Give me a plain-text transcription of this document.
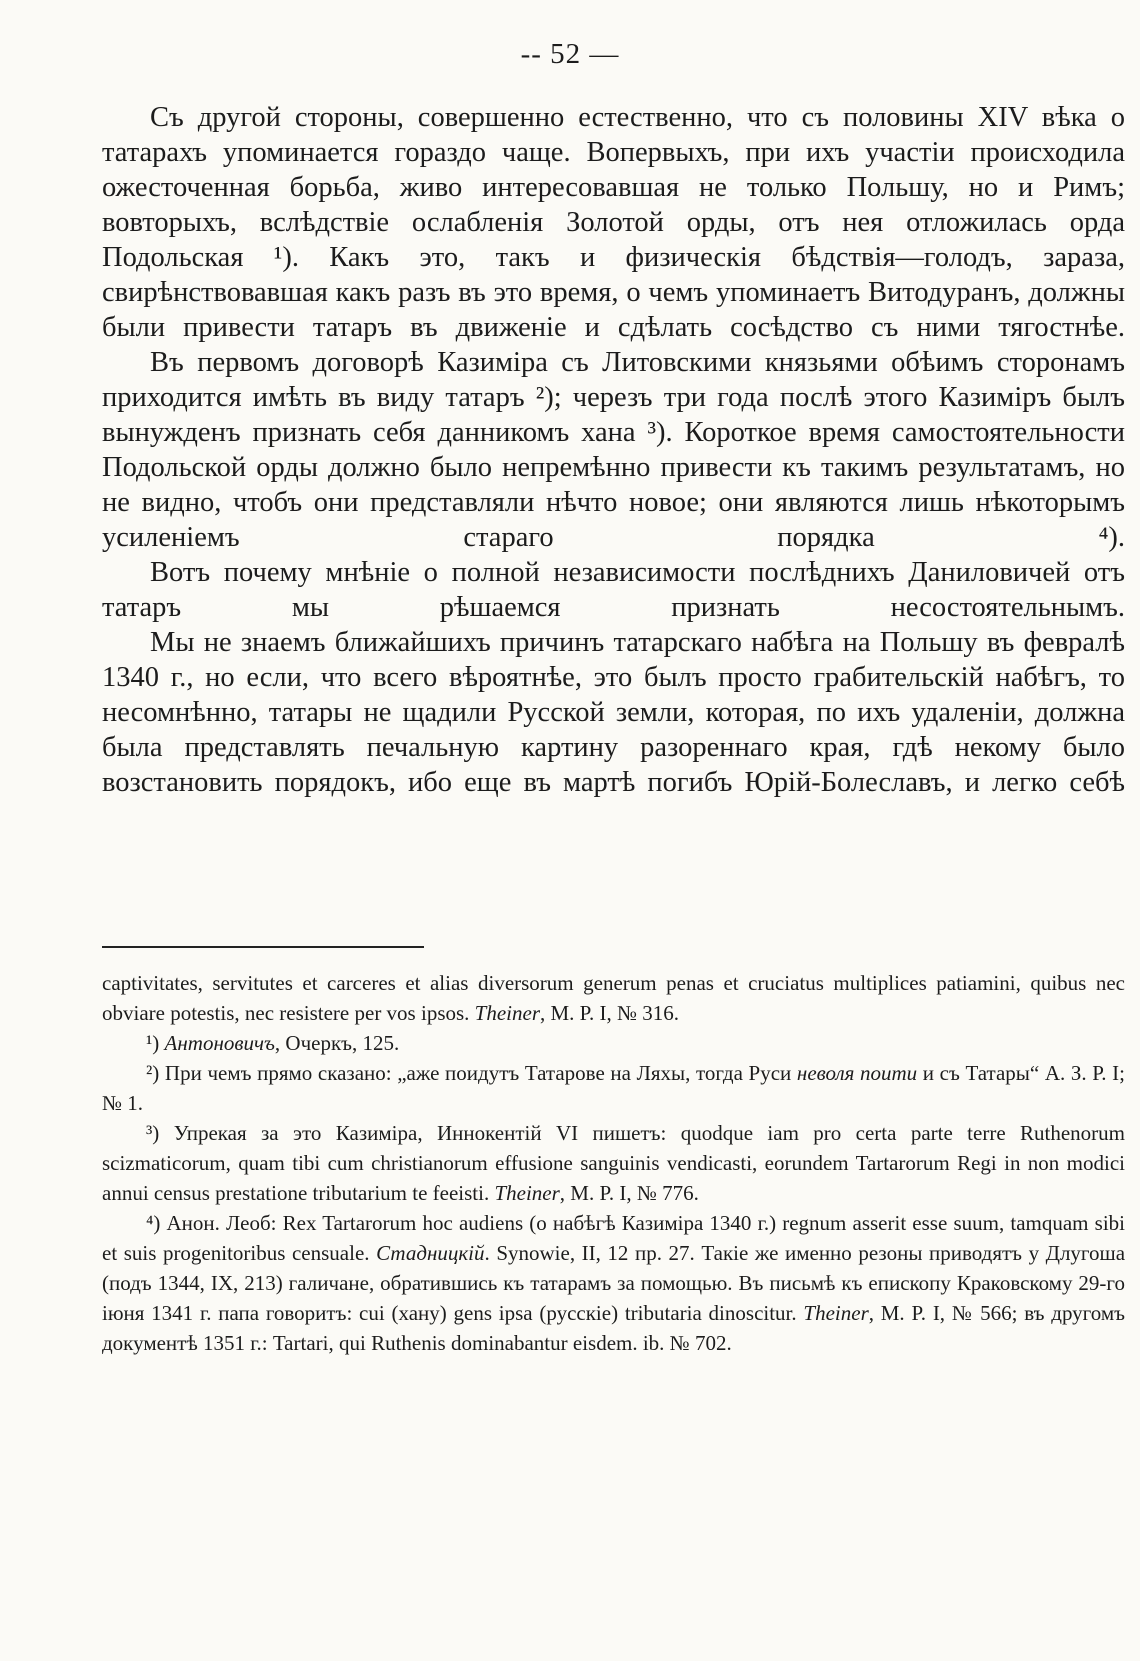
-- 52 —

Съ другой стороны, совершенно естественно, что съ половины XIV вѣка о татарахъ упоминается гораздо чаще. Вопервыхъ, при ихъ участіи происходила ожесточенная борьба, живо интересовавшая не только Польшу, но и Римъ; вовторыхъ, вслѣдствіе ослабленія Золотой орды, отъ нея отложилась орда Подольская ¹). Какъ это, такъ и физическія бѣдствія—голодъ, зараза, свирѣнствовавшая какъ разъ въ это время, о чемъ упоминаетъ Витодуранъ, должны были привести татаръ въ движеніе и сдѣлать сосѣдство съ ними тягостнѣе.

Въ первомъ договорѣ Казиміра съ Литовскими князьями обѣимъ сторонамъ приходится имѣть въ виду татаръ ²); черезъ три года послѣ этого Казиміръ былъ вынужденъ признать себя данникомъ хана ³). Короткое время самостоятельности Подольской орды должно было непремѣнно привести къ такимъ результатамъ, но не видно, чтобъ они представляли нѣчто новое; они являются лишь нѣкоторымъ усиленіемъ стараго порядка ⁴).

Вотъ почему мнѣніе о полной независимости послѣднихъ Даниловичей отъ татаръ мы рѣшаемся признать несостоятельнымъ.

Мы не знаемъ ближайшихъ причинъ татарскаго набѣга на Польшу въ февралѣ 1340 г., но если, что всего вѣроятнѣе, это былъ просто грабительскій набѣгъ, то несомнѣнно, татары не щадили Русской земли, которая, по ихъ удаленіи, должна была представлять печальную картину разореннаго края, гдѣ некому было возстановить порядокъ, ибо еще въ мартѣ погибъ Юрій-Болеславъ, и легко себѣ

captivitates, servitutes et carceres et alias diversorum generum penas et cruciatus multiplices patiamini, quibus nec obviare potestis, nec resistere per vos ipsos. Theiner, M. P. I, № 316.

¹) Антоновичъ, Очеркъ, 125.

²) При чемъ прямо сказано: „аже поидутъ Татарове на Ляхы, тогда Руси неволя поити и съ Татары“ А. З. Р. I; № 1.

³) Упрекая за это Казиміра, Иннокентій VI пишетъ: quodque iam pro certa parte terre Ruthenorum scizmaticorum, quam tibi cum christianorum effusione sanguinis vendicasti, eorundem Tartarorum Regi in non modici annui census prestatione tributarium te feeisti. Theiner, M. P. I, № 776.

⁴) Анон. Леоб: Rex Tartarorum hoc audiens (о набѣгѣ Казиміра 1340 г.) regnum asserit esse suum, tamquam sibi et suis progenitoribus censuale. Стадницкій. Synowie, II, 12 пр. 27. Такіе же именно резоны приводятъ у Длугоша (подъ 1344, IX, 213) галичане, обратившись къ татарамъ за помощью. Въ письмѣ къ епископу Краковскому 29-го іюня 1341 г. папа говоритъ: cui (хану) gens ipsa (русскіе) tributaria dinoscitur. Theiner, M. P. I, № 566; въ другомъ документѣ 1351 г.: Tartari, qui Ruthenis dominabantur eisdem. ib. № 702.
